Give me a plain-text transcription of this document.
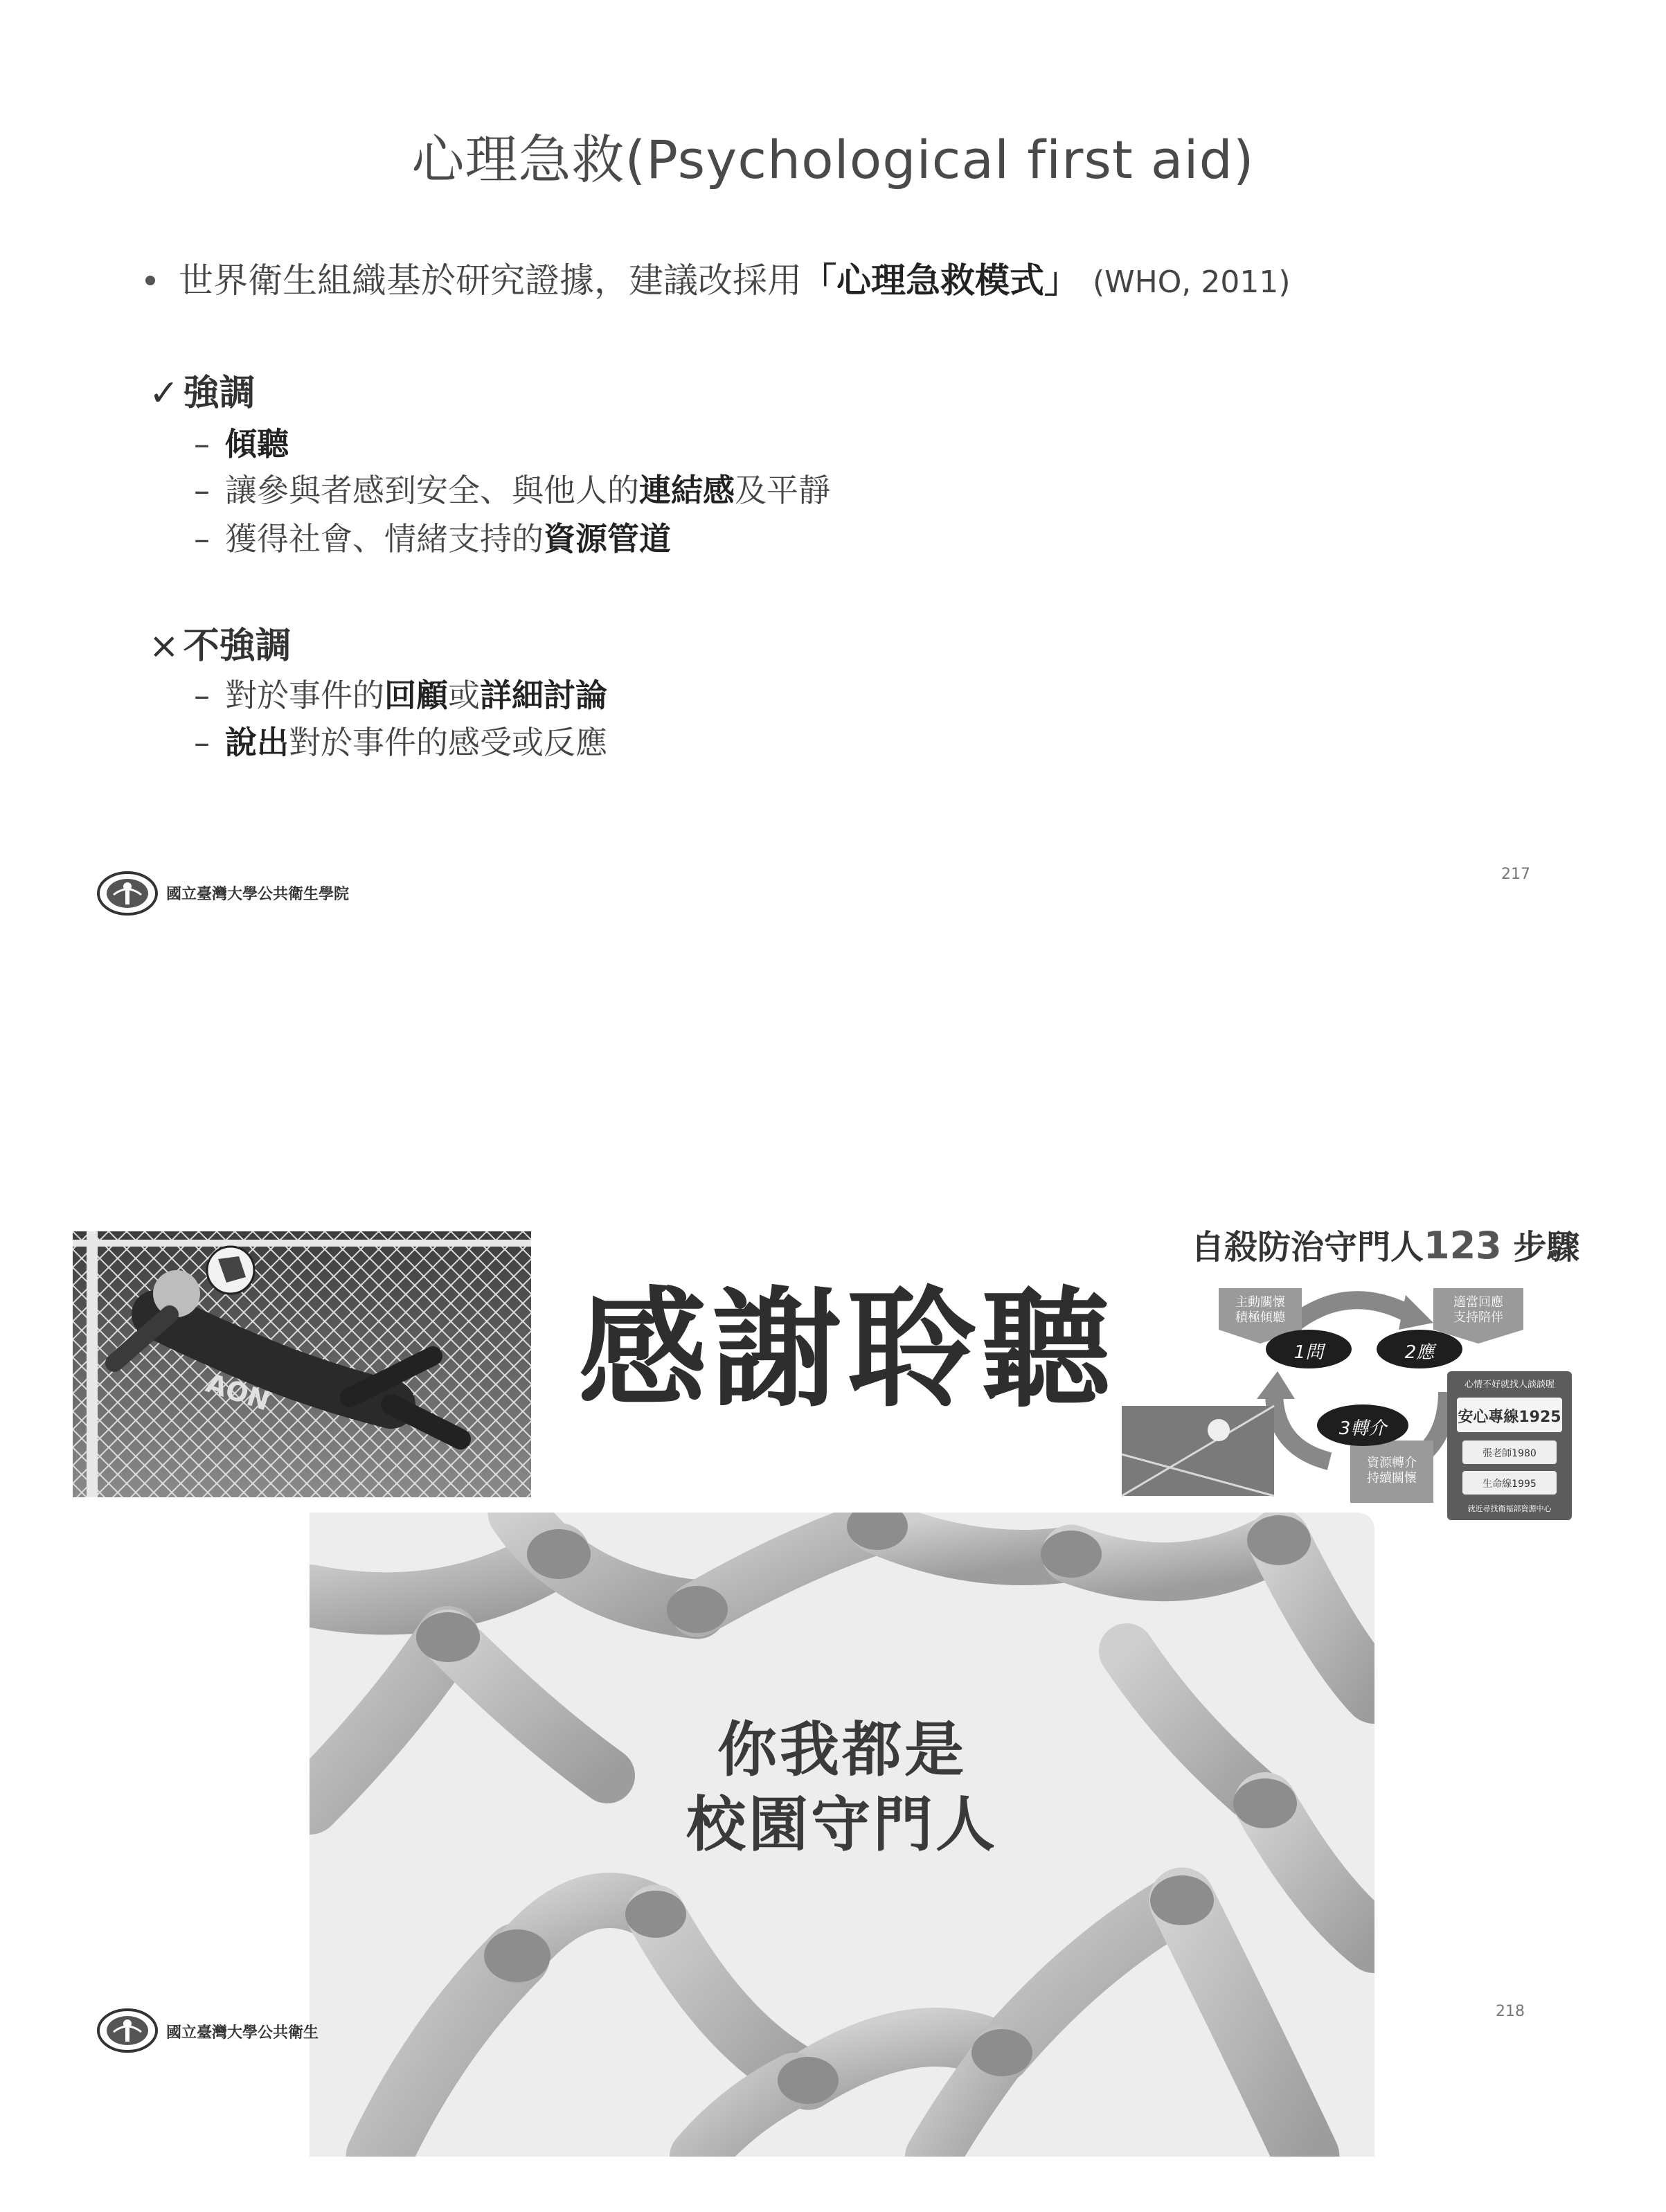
心理急救(Psychological first aid)
世界衛生組織基於研究證據，建議改採用「心理急救模式」 (WHO, 2011)
✓ 強調
– 傾聽
– 讓參與者感到安全、與他人的連結感及平靜
– 獲得社會、情緒支持的資源管道
× 不強調
– 對於事件的回顧或詳細討論
– 說出對於事件的感受或反應
國立臺灣大學公共衛生學院
217
AON 感謝聆聽
自殺防治守門人123 步驟
主動關懷
積極傾聽
適當回應
支持陪伴
資源轉介
持續關懷
1問	2應
3轉介
心情不好就找人談談喔
安心專線1925
張老師1980
生命線1995
就近尋找衛福部資源中心
你我都是
校園守門人
國立臺灣大學公共衛生
218
